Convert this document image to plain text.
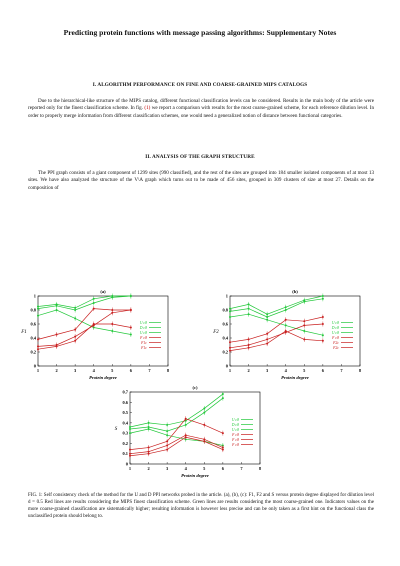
Predicting protein functions with message passing algorithms: Supplementary Notes
I. ALGORITHM PERFORMANCE ON FINE AND COARSE-GRAINED MIPS CATALOGS
Due to the hierarchical-like structure of the MIPS catalog, different functional classification levels can be considered. Results in the main body of the article were reported only for the finest classification scheme. In fig. (1) we report a comparison with results for the most coarse-grained scheme, for each reference dilution level. In order to properly merge information from different classification schemes, one would need a generalized notion of distance between functional categories.
II. ANALYSIS OF THE GRAPH STRUCTURE
The PPI graph consists of a giant component of 1299 sites (990 classified), and the rest of the sites are grouped into 184 smaller isolated components of at most 13 sites. We have also analyzed the structure of the V\A graph which turns out to be made of 456 sites, grouped in 309 clusters of size at most 27. Details on the composition of
(a)
1	2	3	4	5	6	7	8
0
0.2
0.4
0.6
0.8
1
Protein degree
F1
U c8
D c8
U c8
F c8
F1c
F1c
(b)
1	2	3	4	5	6	7	8
0
0.2
0.4
0.6
0.8
1
Protein degree
F2
U c8
D c8
U c8
F c8
F2c
F2c
(c)
1	2	3	4	5	6	7	8
0
0.1
0.2
0.3
0.4
0.5
0.6
0.7
Protein degree
S
U c8
D c8
U c8
F c8
F c8
F c8
FIG. 1: Self consistency check of the method for the U and D PPI networks probed in the article. (a), (b), (c): F1, F2 and S versus protein degree displayed for dilution level d = 0.5 Red lines are results considering the MIPS finest classification scheme. Green lines are results considering the most coarse-grained one. Indicators values on the more coarse-grained classification are sistematically higher; resulting information is however less precise and can be only taken as a first hint on the functional class the unclassified protein should belong to.
